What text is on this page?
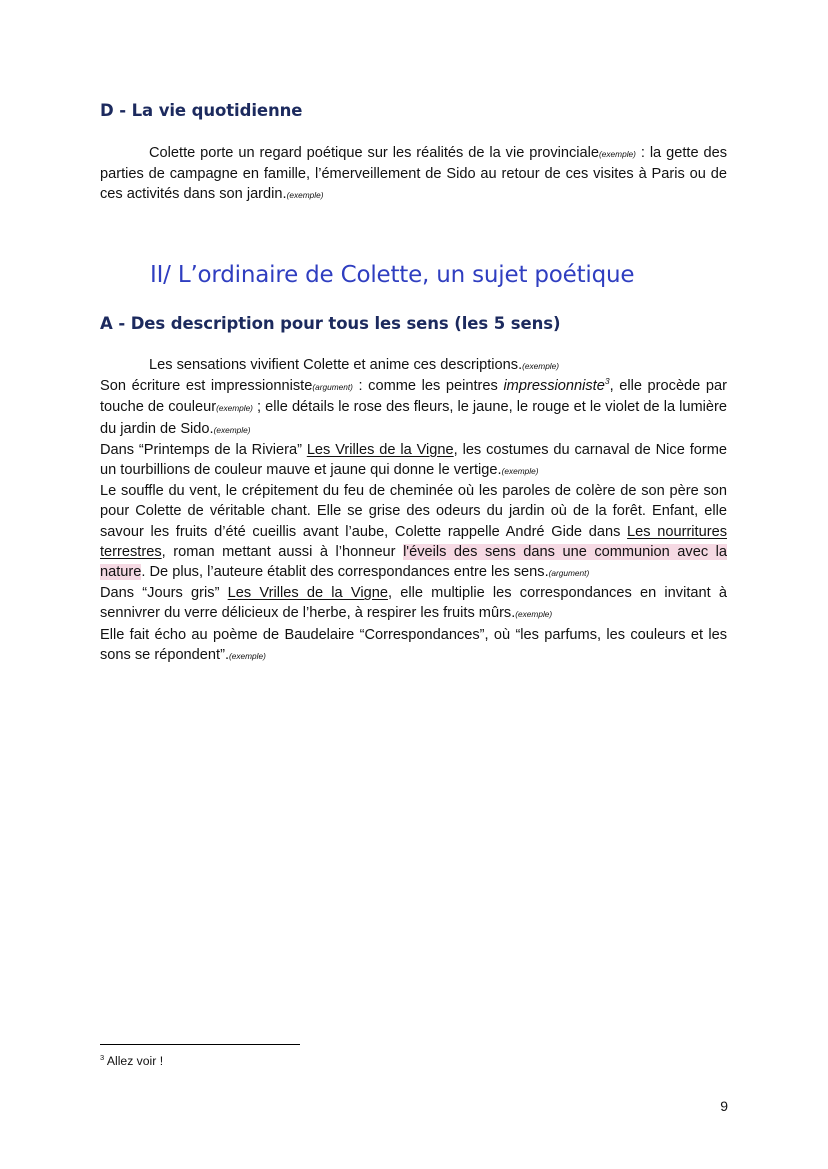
D - La vie quotidienne

Colette porte un regard poétique sur les réalités de la vie provinciale(exemple) : la gette des parties de campagne en famille, l’émerveillement de Sido au retour de ces visites à Paris ou de ces activités dans son jardin.(exemple)

II/ L’ordinaire de Colette, un sujet poétique
A - Des description pour tous les sens (les 5 sens)

Les sensations vivifient Colette et anime ces descriptions.(exemple)

Son écriture est impressionniste(argument) : comme les peintres impressionniste$^3$, elle procède par touche de couleur(exemple) ; elle détails le rose des fleurs, le jaune, le rouge et le violet de la lumière du jardin de Sido.(exemple)

Dans “Printemps de la Riviera” Les Vrilles de la Vigne, les costumes du carnaval de Nice forme un tourbillions de couleur mauve et jaune qui donne le vertige.(exemple)

Le souffle du vent, le crépitement du feu de cheminée où les paroles de colère de son père son pour Colette de véritable chant. Elle se grise des odeurs du jardin où de la forêt. Enfant, elle savour les fruits d’été cueillis avant l’aube, Colette rappelle André Gide dans Les nourritures terrestres, roman mettant aussi à l’honneur l'éveils des sens dans une communion avec la nature. De plus, l’auteure établit des correspondances entre les sens.(argument)

Dans “Jours gris” Les Vrilles de la Vigne, elle multiplie les correspondances en invitant à sennivrer du verre délicieux de l’herbe, à respirer les fruits mûrs.(exemple)

Elle fait écho au poème de Baudelaire “Correspondances”, où “les parfums, les couleurs et les sons se répondent”.(exemple)

$^3$ Allez voir !
9
